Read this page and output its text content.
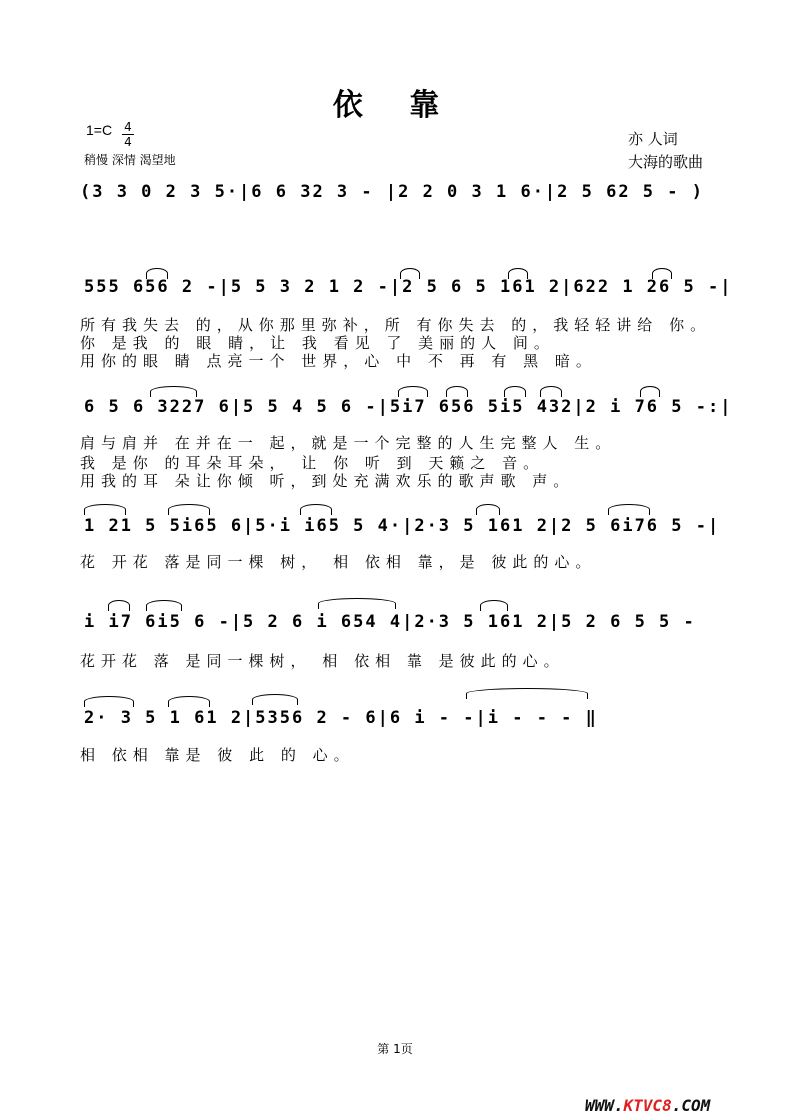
依 靠
$1=C \frac{4}{4}$
稍慢 深情 渴望地
亦 人词
大海的歌曲
(3 3 0 2 3 5·|6 6 32 3 - |2 2 0 3 1 6·|2 5 62 5 - )
555 656 2 -|5 5 3 2 1 2 -|2 5 6 5 161 2|622 1 26 5 -|
所有我失去 的，从你那里弥补，所 有你失去 的，我轻轻讲给 你。
你 是我 的 眼 睛，让 我 看见 了 美丽的人 间。
用你的眼 睛 点亮一个 世界，心 中 不 再 有 黑 暗。
6 5 6 3227 6|5 5 4 5 6 -|5i7 656 5i5 432|2 i 76 5 -:|
肩与肩并 在并在一 起，就是一个完整的人生完整人 生。
我 是你 的耳朵耳朵， 让 你 听 到 天籁之 音。
用我的耳 朵让你倾 听，到处充满欢乐的歌声歌 声。
1 21 5 5i65 6|5·i i65 5 4·|2·3 5 161 2|2 5 6i76 5 -|
花 开花 落是同一棵 树， 相 依相 靠，是 彼此的心。
i i7 6i5 6 -|5 2 6 i 654 4|2·3 5 161 2|5 2 6 5 5 -
花开花 落 是同一棵树， 相 依相 靠 是彼此的心。
2· 3 5 1 61 2|5356 2 - 6|6 i - -|i - - - ‖
相 依相 靠是 彼 此 的 心。
第 1页
WWW.KTVC8.COM
